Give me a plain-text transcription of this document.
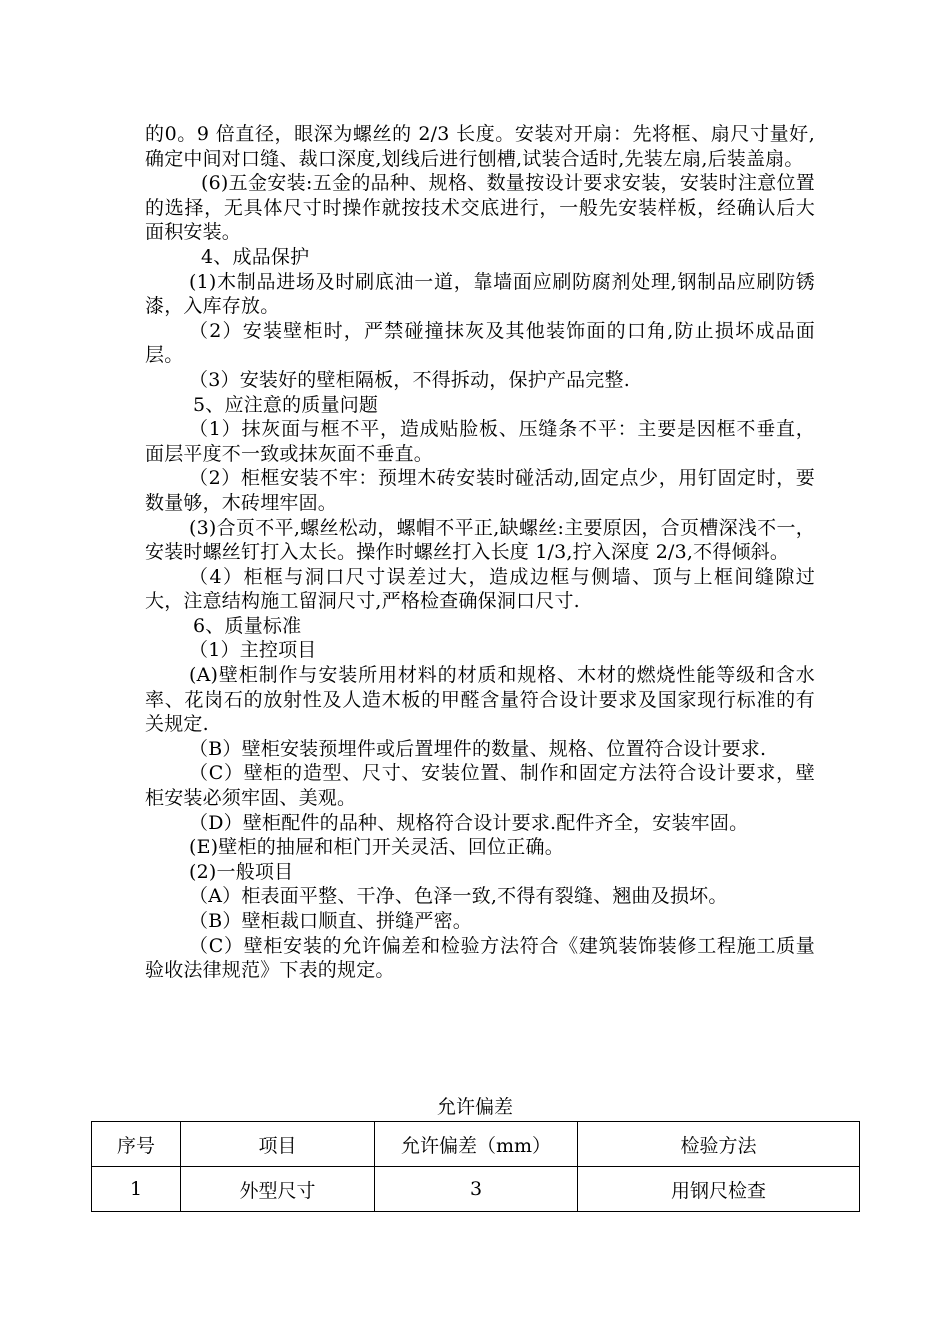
的0。9 倍直径，眼深为螺丝的 2/3 长度。安装对开扇：先将框、扇尺寸量好,确定中间对口缝、裁口深度,划线后进行刨槽,试装合适时,先装左扇,后装盖扇。

(6)五金安装:五金的品种、规格、数量按设计要求安装，安装时注意位置的选择，无具体尺寸时操作就按技术交底进行，一般先安装样板，经确认后大面积安装。

4、成品保护

(1)木制品进场及时刷底油一道，靠墙面应刷防腐剂处理,钢制品应刷防锈漆，入库存放。

（2）安装壁柜时，严禁碰撞抹灰及其他装饰面的口角,防止损坏成品面层。

（3）安装好的壁柜隔板，不得拆动，保护产品完整.

5、应注意的质量问题

（1）抹灰面与框不平，造成贴脸板、压缝条不平：主要是因框不垂直，面层平度不一致或抹灰面不垂直。

（2）柜框安装不牢：预埋木砖安装时碰活动,固定点少，用钉固定时，要数量够，木砖埋牢固。

(3)合页不平,螺丝松动，螺帽不平正,缺螺丝:主要原因，合页槽深浅不一，安装时螺丝钉打入太长。操作时螺丝打入长度 1/3,拧入深度 2/3,不得倾斜。

（4）柜框与洞口尺寸误差过大，造成边框与侧墙、顶与上框间缝隙过大，注意结构施工留洞尺寸,严格检查确保洞口尺寸.

6、质量标准

（1）主控项目

(A)壁柜制作与安装所用材料的材质和规格、木材的燃烧性能等级和含水率、花岗石的放射性及人造木板的甲醛含量符合设计要求及国家现行标准的有关规定.

（B）壁柜安装预埋件或后置埋件的数量、规格、位置符合设计要求.

（C）壁柜的造型、尺寸、安装位置、制作和固定方法符合设计要求，壁柜安装必须牢固、美观。

（D）壁柜配件的品种、规格符合设计要求.配件齐全，安装牢固。

(E)壁柜的抽屉和柜门开关灵活、回位正确。

(2)一般项目

（A）柜表面平整、干净、色泽一致,不得有裂缝、翘曲及损坏。

（B）壁柜裁口顺直、拼缝严密。

（C）壁柜安装的允许偏差和检验方法符合《建筑装饰装修工程施工质量验收法律规范》下表的规定。

允许偏差
序号	项目	允许偏差（mm）	检验方法
1	外型尺寸	3	用钢尺检查
